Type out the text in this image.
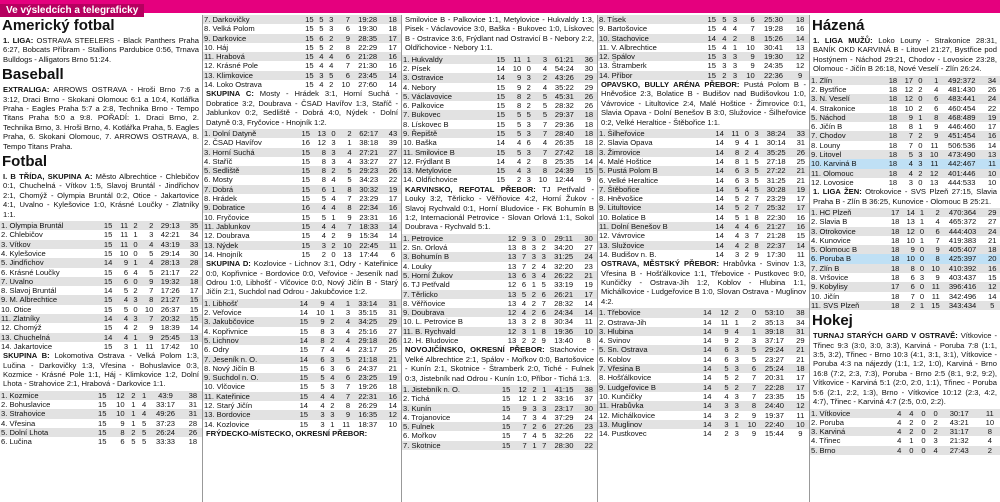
Ve výsledcích a telegraficky
Americký fotbal
1. LIGA: OSTRAVA STEELERS - Black Panthers Praha 6:27, Bobcats Příbram - Stallions Pardubice 0:56, Trnava Bulldogs - Alligators Brno 51:24.
Baseball
EXTRALIGA: ARROWS OSTRAVA - Hroši Brno 7:6 a 3:12, Draci Brno - Skokani Olomouc 6:1 a 10:4, Kotlářka Praha - Eagles Praha 5:7 a 2:8, Technika Brno - Tempo Titans Praha 5:0 a 9:8. POŘADÍ: 1. Draci Brno, 2. Technika Brno, 3. Hroši Brno, 4. Kotlářka Praha, 5. Eagles Praha, 6. Skokani Olomouc, 7. ARROWS OSTRAVA, 8. Tempo Titans Praha.
Fotbal
I. B TŘÍDA, SKUPINA A: Město Albrechtice - Chlebičov 0:1, Chuchelná - Vítkov 1:5, Slavoj Bruntál - Jindřichov 2:1, Chomýž - Olympia Bruntál 0:2, Otice - Jakartovice 4:1, Uvalno - Kylešovice 1:0, Krásné Loučky - Zlatníky 1:1.
1. Olympia Bruntál	15	11	2	2	29:13	35
2. Chlebičov	15	11	1	3	42:21	34
3. Vítkov	15	11	0	4	43:19	33
4. Kylešovice	15	10	0	5	29:14	30
5. Jindřichov	14	9	1	4	28:13	28
6. Krásné Loučky	15	6	4	5	21:17	22
7. Uvalno	15	6	0	9	19:32	18
8. Slavoj Bruntál	14	5	2	7	17:26	17
9. M. Albrechtice	15	4	3	8	21:27	15
10. Otice	15	5	0	10	26:37	15
11. Zlatníky	14	4	3	7	20:32	15
12. Chomýž	15	4	2	9	18:39	14
13. Chuchelná	14	4	1	9	25:45	13
14. Jakartovice	15	3	1	11	17:42	10
SKUPINA B: Lokomotiva Ostrava - Velká Polom 1:3, Lučina - Darkovičky 1:3, Vřesina - Bohuslavice 0:3, Kozmice - Krásné Pole 1:1, Háj - Klimkovice 1:2, Dolní Lhota - Strahovice 2:1, Hrabová - Darkovice 1:1.
1. Kozmice	15	12	2	1	43:9	38
2. Bohuslavice	15	10	1	4	33:17	31
3. Strahovice	15	10	1	4	49:26	31
4. Vřesina	15	9	1	5	37:23	28
5. Dolní Lhota	15	8	2	5	26:24	26
6. Lučina	15	6	5	5	33:33	18
7. Darkovičky	15	5	3	7	19:28	18
8. Velká Polom	15	5	3	6	19:30	18
9. Darkovice	15	6	2	9	28:35	17
10. Háj	15	5	2	8	22:29	17
11. Hrabová	15	4	4	6	21:28	16
12. Krásné Pole	15	4	4	7	21:30	16
13. Klimkovice	15	3	5	6	23:45	14
14. Loko Ostrava	15	4	2	10	27:60	14
SKUPINA C: Mosty - Hrádek 3:1, Horní Suchá - Dobratice 3:2, Doubrava - ČSAD Havířov 1:3, Staříč - Jablunkov 0:2, Sedliště - Dobrá 4:0, Nýdek - Dolní Datyně 0:3, Fryčovice - Hnojník 1:2.
1. Dolní Datyně	15	13	0	2	62:17	43
2. ČSAD Havířov	16	12	3	1	38:18	39
3. Horní Suchá	15	8	3	4	27:21	27
4. Staříč	15	8	3	4	33:27	27
5. Sedliště	15	8	2	5	29:23	26
6. Mosty	15	8	4	5	34:23	22
7. Dobrá	15	6	1	8	30:32	19
8. Hrádek	15	5	4	7	23:29	17
9. Dobratice	16	4	4	8	22:34	16
10. Fryčovice	15	5	1	9	23:31	16
11. Jablunkov	15	4	4	7	18:33	14
12. Doubrava	15	4	2	9	15:34	14
13. Nýdek	15	3	2	10	22:45	11
14. Hnojník	15	2	0	13	17:44	6
SKUPINA D: Kozlovice - Lichnov 3:1, Odry - Kateřinice 0:0, Kopřivnice - Bordovice 0:0, Veřovice - Jeseník nad Odrou 1:0, Libhošť - Vlčovice 0:0, Nový Jičín B - Starý Jičín 2:1, Suchdol nad Odrou - Jakubčovice 1:2.
1. Libhošť	14	9	4	1	33:14	31
2. Veřovice	14	10	1	3	35:15	31
3. Jakubčovice	15	9	2	4	34:25	29
4. Kopřivnice	15	8	3	4	25:16	27
5. Lichnov	14	8	2	4	29:18	26
6. Odry	15	7	4	4	23:17	25
7. Jeseník n. O.	14	6	3	5	21:18	21
8. Nový Jičín B	15	6	3	6	24:37	21
9. Suchdol n. O.	15	5	4	6	23:25	19
10. Vlčovice	15	5	3	7	19:26	18
11. Kateřinice	15	4	4	7	22:31	16
12. Starý Jičín	14	4	2	8	26:29	14
13. Bordovice	15	3	3	9	16:35	12
14. Kozlovice	15	3	1	11	18:37	10
FRÝDECKO-MÍSTECKO, OKRESNÍ PŘEBOR:
Smilovice B - Palkovice 1:1, Metylovice - Hukvaldy 1:3, Pisek - Václavovice 3:0, Baška - Bukovec 1:0, Lískovec B - Ostravice 3:6, Frýdlant nad Ostravicí B - Nebory 2:2, Oldřichovice - Nebory 1:1.
1. Hukvaldy	15	11	1	3	61:21	36
2. Písek	14	10	0	4	54:24	30
3. Ostravice	14	9	3	2	43:26	29
4. Nebory	15	9	2	4	35:22	29
5. Václavovice	15	8	2	5	45:31	26
6. Palkovice	15	8	2	5	28:32	26
7. Bukovec	15	5	5	5	29:37	18
8. Lískovec B	15	5	3	7	29:36	18
9. Řepiště	15	5	3	7	28:40	18
10. Baška	14	4	6	4	26:35	18
11. Smilovice B	15	5	3	7	27:42	18
12. Frýdlant B	14	4	2	8	25:35	14
13. Metylovice	15	4	3	8	24:39	15
14. Oldřichovice	15	2	3	10	12:44	9
KARVINSKO, REFOTAL PŘEBOR: TJ Petřvald - Louky 3:2, Těrlicko - Věřňovice 4:2, Horní Žukov - Slavoj Rychvald 0:1, Horní Bludovice - FK Bohumín B 1:2, Internacionál Petrovice - Slovan Orlová 1:1, Sokol Doubrava - Rychvald 5:1.
1. Petrovice	12	9	3	0	29:11	30
2. Sn. Orlová	13	8	3	2	34:20	27
3. Bohumín B	13	7	3	3	31:25	24
4. Louky	13	7	2	4	32:20	23
5. Horní Žukov	13	6	3	4	26:22	21
6. TJ Petřvald	12	6	1	5	33:19	19
7. Těrlicko	13	5	2	6	26:21	17
8. Věřňovice	13	4	2	7	28:32	14
9. Doubrava	12	4	2	6	24:34	14
10. L. Petrovice B	13	3	2	8	30:34	11
11. B. Rychvald	12	3	1	8	19:36	10
12. H. Bludovice	13	2	2	9	13:40	8
NOVOJIČÍNSKO, OKRESNÍ PŘEBOR: Stachovice - Velké Albrechtice 2:1, Spálov - Mořkov 0:0, Bartošovice - Kunín 2:1, Skotnice - Štramberk 2:0, Tiché - Fulnek 0:3, Jistebník nad Odrou - Kunín 1:0, Příbor - Tichá 1:3.
1. Jistebník n. O.	15	12	2	1	41:15	38
2. Tichá	15	12	1	2	33:16	37
3. Kunín	15	9	3	3	23:17	30
4. Trojanovice	14	7	3	4	37:29	24
5. Fulnek	15	7	2	6	27:26	23
6. Mořkov	15	7	4	5	32:26	22
7. Skotnice	15	7	1	7	28:30	22
8. Tísek	15	5	3	6	25:30	18
9. Bartošovice	15	4	4	7	19:28	16
10. Stachovice	14	4	2	8	15:26	14
11. V. Albrechtice	15	4	1	10	30:41	13
12. Spálov	15	3	3	9	19:30	12
13. Štramberk	15	3	3	9	24:35	12
14. Příbor	15	2	3	10	22:36	9
OPAVSKO, BULLY ARÉNA PŘEBOR: Pustá Polom B - Hněvošice 2:3, Bolatice B - Budišov nad Budišovkou 1:0, Vávrovice - Litultovice 2:4, Malé Hoštice - Žimrovice 0:1, Slavia Opava - Dolní Benešov B 3:0, Služovice - Šilheřovice 0:2, Velké Heraltice - Štěbořice 1:1.
1. Šilheřovice	14	11	0	3	38:24	33
2. Slavia Opava	14	9	4	1	30:14	31
3. Žimrovice	14	8	2	4	35:25	26
4. Malé Hoštice	14	8	1	5	27:18	25
5. Pustá Polom B	14	6	3	5	27:22	21
6. Velké Heraltice	14	6	3	5	31:25	21
7. Štěbořice	14	5	4	5	30:28	19
8. Hněvošice	14	5	2	7	23:29	17
9. Litultovice	14	5	2	7	25:32	17
10. Bolatice B	14	5	1	8	22:30	16
11. Dolní Benešov B	14	4	4	6	21:27	16
12. Vávrovice	14	4	3	7	21:28	15
13. Služovice	14	4	2	8	22:37	14
14. Budišov n. B.	14	3	2	9	17:30	11
OSTRAVA, MĚSTSKÝ PŘEBOR: Hrabůvka - Svinov 1:3, Vřesina B - Hošťálkovice 1:1, Třebovice - Pustkovec 9:0, Kunčičky - Ostrava-Jih 1:2, Koblov - Hlubina 1:1, Michálkovice - Ludgeřovice B 1:0, Slovan Ostrava - Muglinov 4:2.
1. Třebovice	14	12	2	0	53:10	38
2. Ostrava-Jih	14	11	1	2	35:13	34
3. Hlubina	14	9	4	1	39:18	31
4. Svinov	14	9	2	3	37:17	29
5. Sn. Ostrava	14	6	3	5	29:24	21
6. Koblov	14	6	3	5	23:27	21
7. Vřesina B	14	5	3	6	25:24	18
8. Hošťálkovice	14	5	2	7	20:31	17
9. Ludgeřovice B	14	5	2	7	22:28	17
10. Kunčičky	14	4	3	7	23:35	15
11. Hrabůvka	14	3	3	8	24:40	12
12. Michálkovice	14	3	2	9	19:37	11
13. Muglinov	14	3	1	10	22:40	10
14. Pustkovec	14	2	3	9	15:44	9
Házená
1. LIGA MUŽŮ: Loko Louny - Strakonice 28:31, BANÍK OKD KARVINÁ B - Litovel 21:27, Bystřice pod Hostýnem - Náchod 29:21, Chodov - Lovosice 23:28, Olomouc - Jičín B 26:18, Nové Veselí - Zlín 26:24.
1. Zlín	18	17	0	1	492:372	34
2. Bystřice	18	12	2	4	481:430	26
3. N. Veselí	18	12	0	6	483:441	24
4. Strakonice	18	10	2	6	460:454	22
5. Náchod	18	9	1	8	468:489	19
6. Jičín B	18	8	1	9	446:460	17
7. Chodov	18	7	2	9	451:454	16
8. Louny	18	7	0	11	506:536	14
9. Litovel	18	5	3	10	473:490	13
10. Karviná B	18	4	3	11	442:467	11
11. Olomouc	18	4	2	12	401:446	10
12. Lovosice	18	3	0	13	444:533	10
1. LIGA ŽEN: Otrokovice - SVS Plzeň 27:15, Slavia Praha B - Zlín B 36:25, Kunovice - Olomouc B 25:21.
1. HC Plzeň	17	14	1	2	470:364	29
2. Slavia B	18	13	1	4	465:372	27
3. Otrokovice	18	12	0	6	444:403	24
4. Kunovice	18	10	1	7	419:383	21
5. Olomouc B	18	9	0	9	405:407	18
6. Poruba B	18	10	0	8	425:397	20
7. Zlín B	18	8	0	10	410:392	16
8. Vršovice	18	6	3	9	403:437	15
9. Kobylisy	17	6	0	11	396:416	12
10. Jičín	18	7	0	11	342:496	14
11. SVS Plzeň	18	2	1	15	343:434	5
Hokej
TURNAJ STARÝCH GARD V OSTRAVĚ: Vítkovice - Třinec 9:3 (3:0, 3:0, 3:3), Karviná - Poruba 7:8 (1:1, 3:5, 3:2), Třinec - Brno 10:3 (4:1, 3:1, 3:1), Vítkovice - Poruba 4:3 na nájezdy (1:1, 1:2, 1:0), Karviná - Brno 16:8 (7:2, 2:3, 7:3), Poruba - Brno 2:5 (8:1, 9:2, 9:2), Vítkovice - Karviná 5:1 (2:0, 2:0, 1:1), Třinec - Poruba 5:6 (2:1, 2:2, 1:3), Brno - Vítkovice 10:12 (2:3, 4:2, 4:7), Třinec - Karviná 4:7 (2:5, 0:0, 2:2).
1. Vítkovice	4	4	0	0	30:17	11
2. Poruba	4	2	0	2	43:21	10
3. Karviná	4	2	0	2	31:17	8
4. Třinec	4	1	0	3	21:32	4
5. Brno	4	0	0	4	27:43	2
